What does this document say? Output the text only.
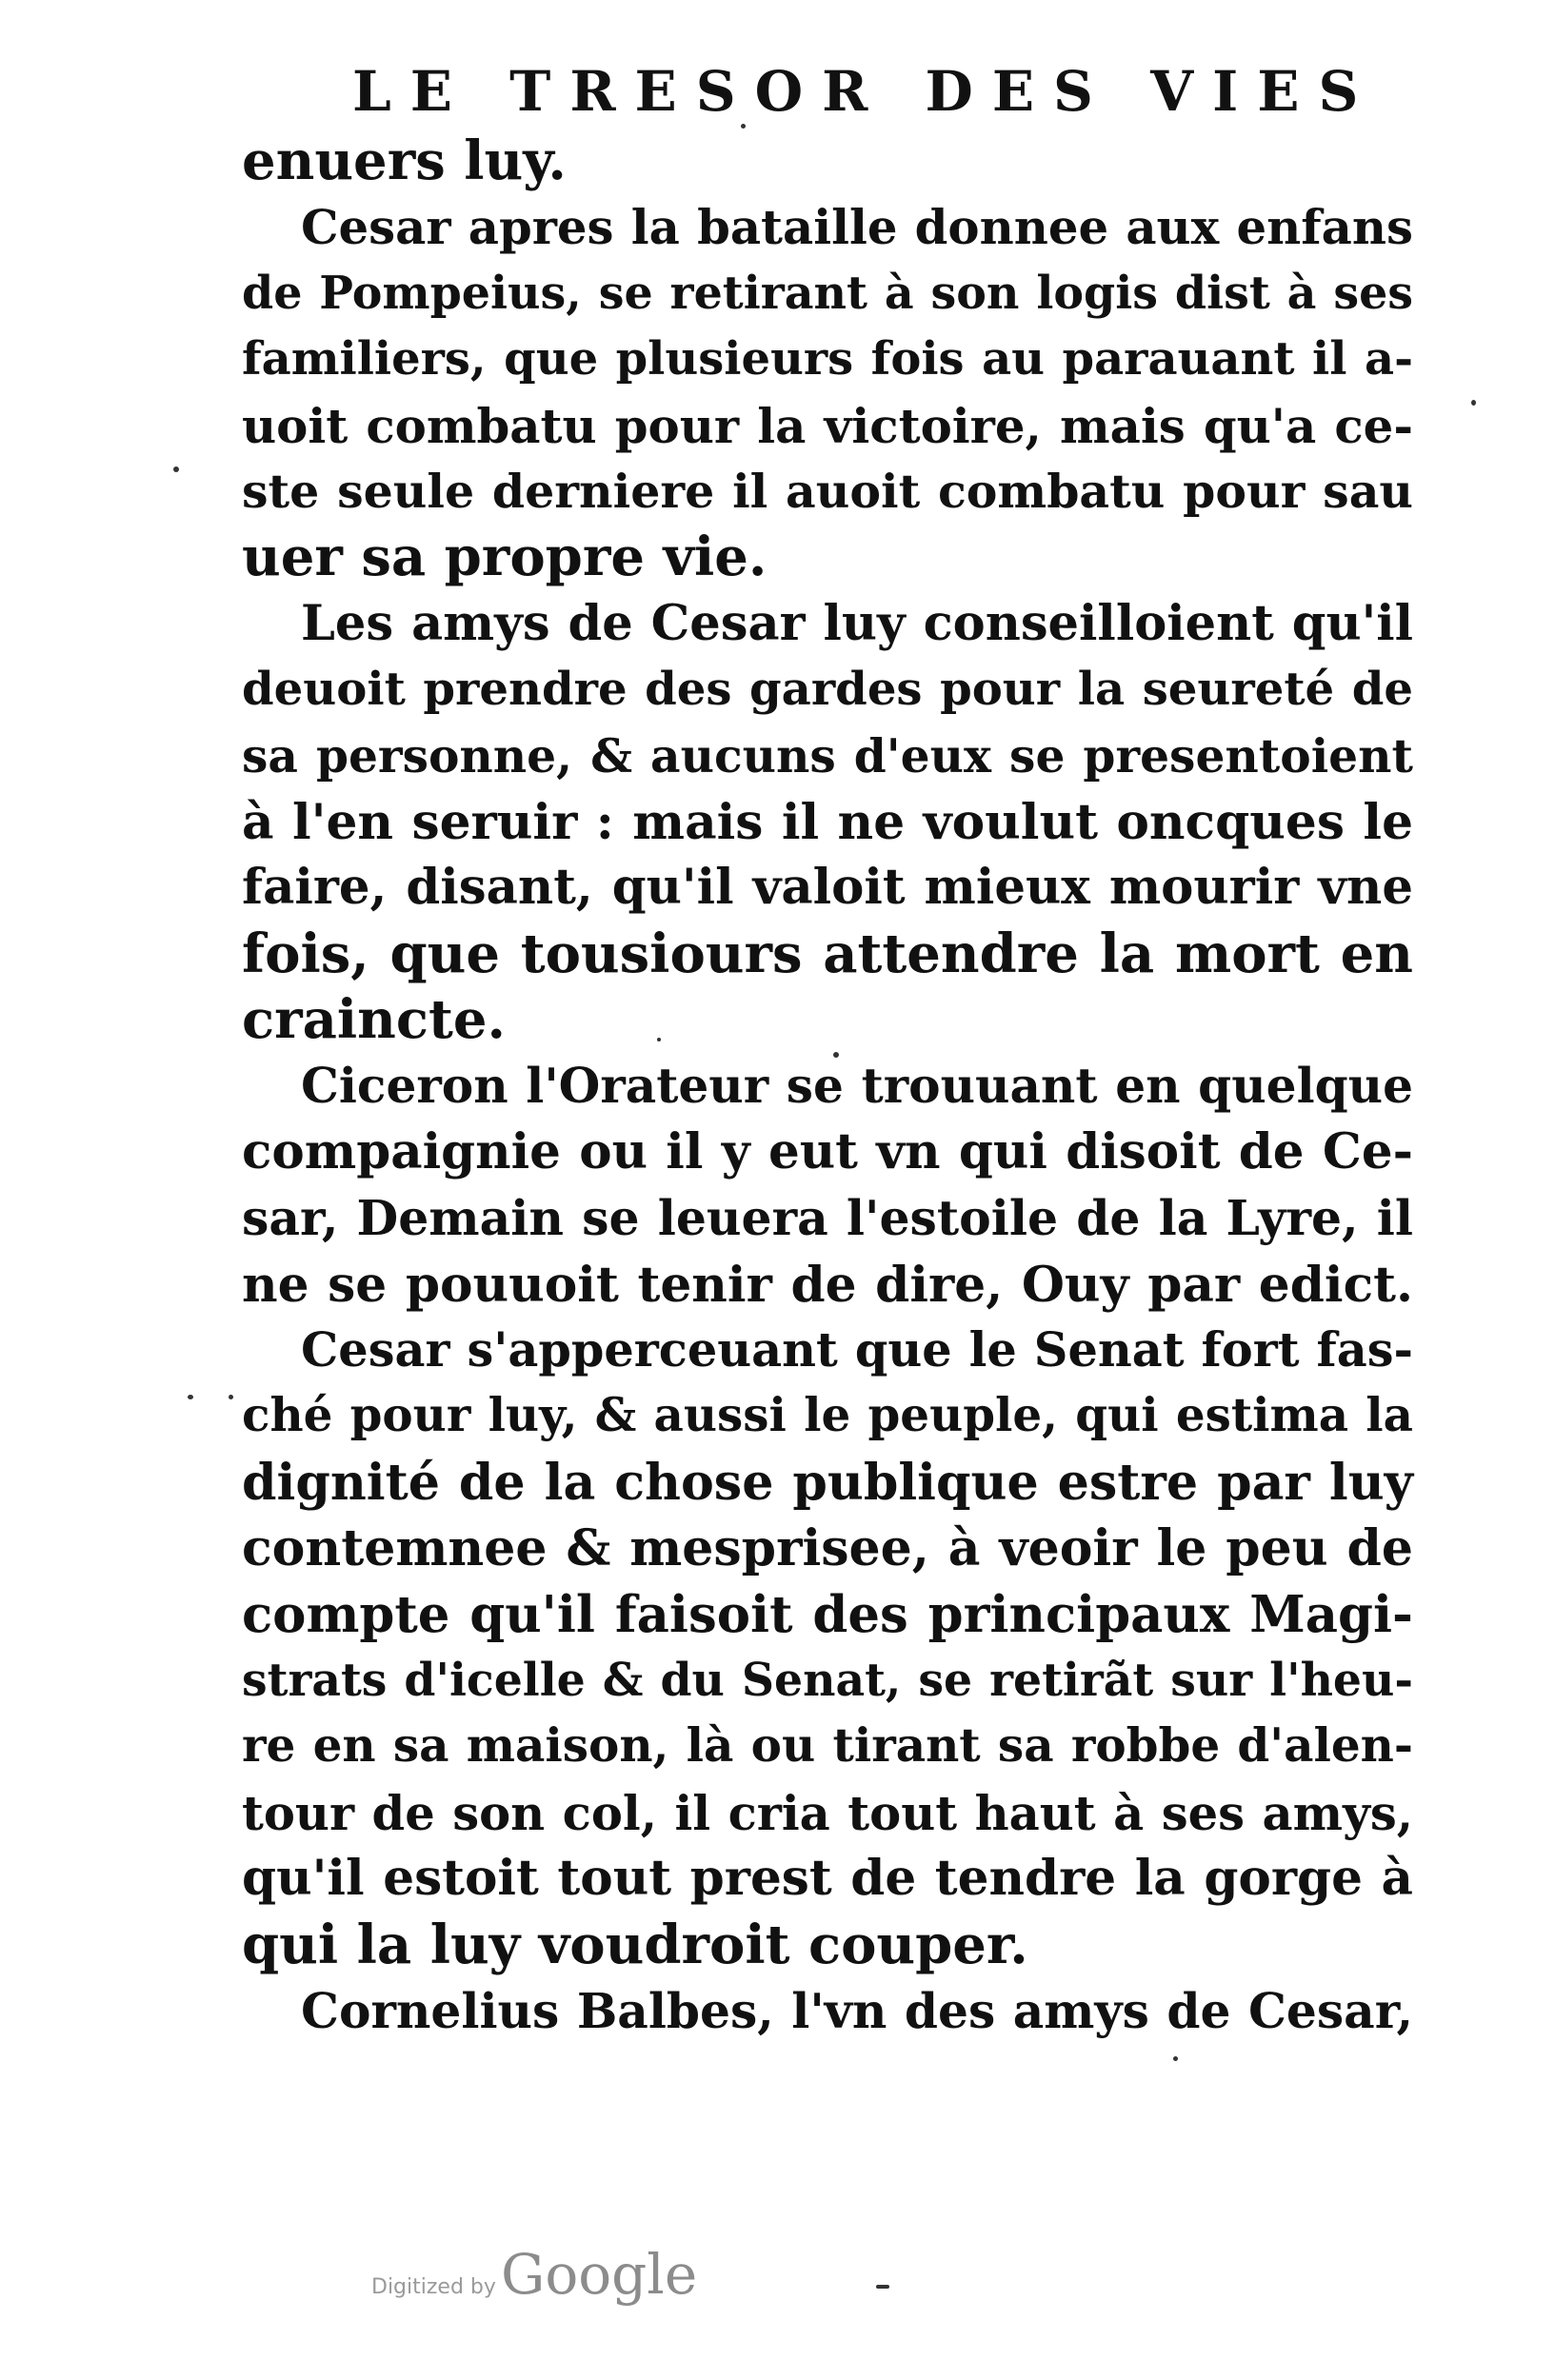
LE TRESOR DES VIES
enuers luy.
Cesar apres la bataille donnee aux enfans
de Pompeius, se retirant à son logis dist à ses
familiers, que plusieurs fois au parauant il a-
uoit combatu pour la victoire, mais qu'a ce-
ste seule derniere il auoit combatu pour sau
uer sa propre vie.
Les amys de Cesar luy conseilloient qu'il
deuoit prendre des gardes pour la seureté de
sa personne, & aucuns d'eux se presentoient
à l'en seruir : mais il ne voulut oncques le
faire, disant, qu'il valoit mieux mourir vne
fois, que tousiours attendre la mort en
craincte.
Ciceron l'Orateur se trouuant en quelque
compaignie ou il y eut vn qui disoit de Ce-
sar, Demain se leuera l'estoile de la Lyre, il
ne se pouuoit tenir de dire, Ouy par edict.
Cesar s'apperceuant que le Senat fort fas-
ché pour luy, & aussi le peuple, qui estima la
dignité de la chose publique estre par luy
contemnee & mesprisee, à veoir le peu de
compte qu'il faisoit des principaux Magi-
strats d'icelle & du Senat, se retirãt sur l'heu-
re en sa maison, là ou tirant sa robbe d'alen-
tour de son col, il cria tout haut à ses amys,
qu'il estoit tout prest de tendre la gorge à
qui la luy voudroit couper.
Cornelius Balbes, l'vn des amys de Cesar,
Digitized by Google
